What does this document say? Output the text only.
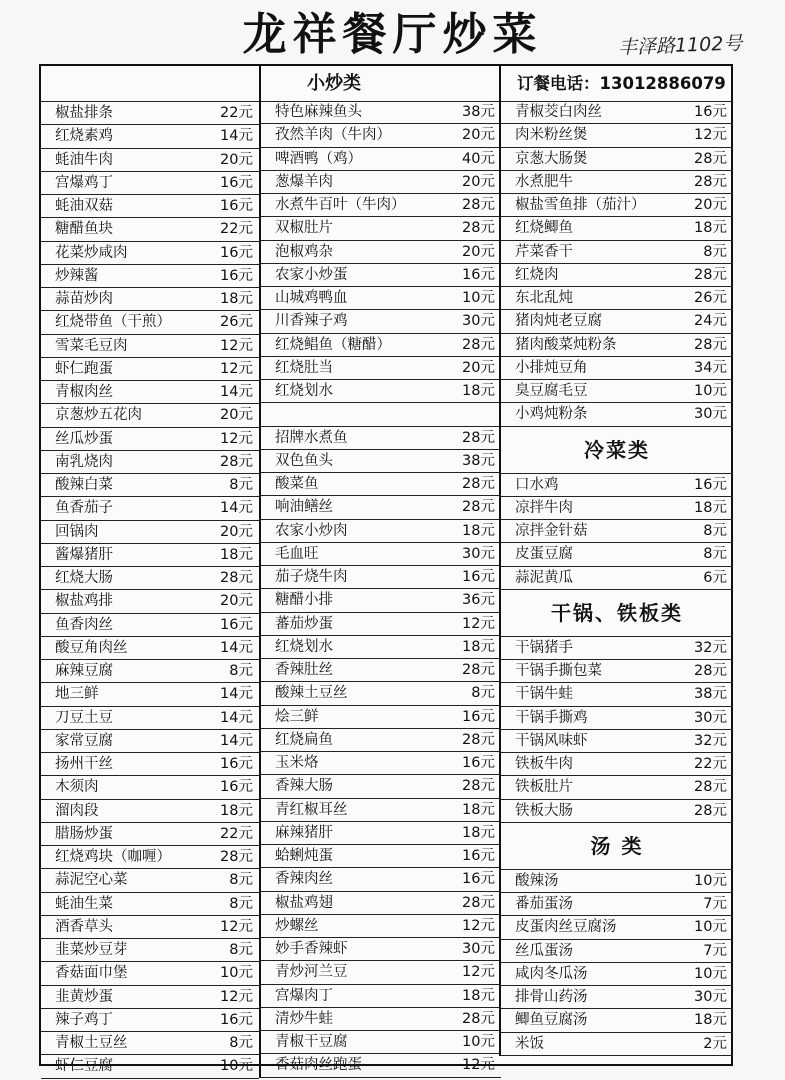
龙祥餐厅炒菜	丰泽路1102号
小炒类	订餐电话：13012886079
椒盐排条	22元
红烧素鸡	14元
蚝油牛肉	20元
宫爆鸡丁	16元
蚝油双菇	16元
糖醋鱼块	22元
花菜炒咸肉	16元
炒辣酱	16元
蒜苗炒肉	18元
红烧带鱼（干煎）	26元
雪菜毛豆肉	12元
虾仁跑蛋	12元
青椒肉丝	14元
京葱炒五花肉	20元
丝瓜炒蛋	12元
南乳烧肉	28元
酸辣白菜	8元
鱼香茄子	14元
回锅肉	20元
酱爆猪肝	18元
红烧大肠	28元
椒盐鸡排	20元
鱼香肉丝	16元
酸豆角肉丝	14元
麻辣豆腐	8元
地三鲜	14元
刀豆土豆	14元
家常豆腐	14元
扬州干丝	16元
木须肉	16元
溜肉段	18元
腊肠炒蛋	22元
红烧鸡块（咖喱）	28元
蒜泥空心菜	8元
蚝油生菜	8元
酒香草头	12元
韭菜炒豆芽	8元
香菇面巾堡	10元
韭黄炒蛋	12元
辣子鸡丁	16元
青椒土豆丝	8元
虾仁豆腐	10元
特色麻辣鱼头	38元
孜然羊肉（牛肉）	20元
啤酒鸭（鸡）	40元
葱爆羊肉	20元
水煮牛百叶（牛肉）	28元
双椒肚片	28元
泡椒鸡杂	20元
农家小炒蛋	16元
山城鸡鸭血	10元
川香辣子鸡	30元
红烧鲳鱼（糖醋）	28元
红烧肚当	20元
红烧划水	18元
招牌水煮鱼	28元
双色鱼头	38元
酸菜鱼	28元
响油鳝丝	28元
农家小炒肉	18元
毛血旺	30元
茄子烧牛肉	16元
糖醋小排	36元
蕃茄炒蛋	12元
红烧划水	18元
香辣肚丝	28元
酸辣土豆丝	8元
烩三鲜	16元
红烧扁鱼	28元
玉米烙	16元
香辣大肠	28元
青红椒耳丝	18元
麻辣猪肝	18元
蛤蜊炖蛋	16元
香辣肉丝	16元
椒盐鸡翅	28元
炒螺丝	12元
妙手香辣虾	30元
青炒河兰豆	12元
宫爆肉丁	18元
清炒牛蛙	28元
青椒干豆腐	10元
香菇肉丝跑蛋	12元
青椒茭白肉丝	16元
肉米粉丝煲	12元
京葱大肠煲	28元
水煮肥牛	28元
椒盐雪鱼排（茄汁）	20元
红烧鲫鱼	18元
芹菜香干	8元
红烧肉	28元
东北乱炖	26元
猪肉炖老豆腐	24元
猪肉酸菜炖粉条	28元
小排炖豆角	34元
臭豆腐毛豆	10元
小鸡炖粉条	30元
冷菜类
口水鸡	16元
凉拌牛肉	18元
凉拌金针菇	8元
皮蛋豆腐	8元
蒜泥黄瓜	6元
干锅、铁板类
干锅猪手	32元
干锅手撕包菜	28元
干锅牛蛙	38元
干锅手撕鸡	30元
干锅风味虾	32元
铁板牛肉	22元
铁板肚片	28元
铁板大肠	28元
汤 类
酸辣汤	10元
番茄蛋汤	7元
皮蛋肉丝豆腐汤	10元
丝瓜蛋汤	7元
咸肉冬瓜汤	10元
排骨山药汤	30元
鲫鱼豆腐汤	18元
米饭	2元
